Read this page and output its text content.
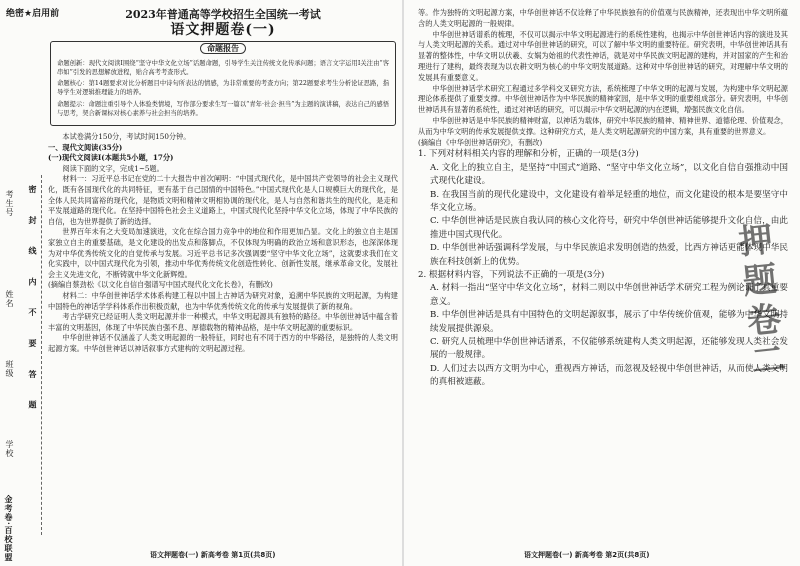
考生号
姓名
班级
学校
金考卷·百校联盟
密 封 线 内 不 要 答 题
绝密★启用前	2023年普通高等学校招生全国统一考试
语文押题卷(一)
命题报告

命题创新：现代文阅读Ⅰ围绕“坚守中华文化立场”话题命题，引导学生关注传统文化传承问题；语言文字运用Ⅰ关注由“客串如”引发的思想解放进程，贴合高考考查形式。

命题核心：第14题要求对比分析题目中诗句所表达的情感，为非常重要的考查方向；第22题要求考生分析论证思路，指导学生对逻辑推理能力的培养。

命题提示：命题注重引导个人体验类情境，写作部分要求生写一篇以“青年·社会·担当”为主题的演讲稿，表达自己的感悟与思考，契合新课标对核心素养与社会担当的培养。

本试卷满分150分，考试时间150分钟。

一、现代文阅读(35分)

(一)现代文阅读Ⅰ(本题共5小题，17分)

阅读下面的文字，完成1~5题。

材料一：习近平总书记在党的二十大报告中首次阐明：“中国式现代化，是中国共产党领导的社会主义现代化，既有各国现代化的共同特征，更有基于自己国情的中国特色。”中国式现代化是人口规模巨大的现代化，是全体人民共同富裕的现代化，是物质文明和精神文明相协调的现代化，是人与自然和谐共生的现代化，是走和平发展道路的现代化。在坚持中国特色社会主义道路上，中国式现代化坚持中华文化立场，体现了中华民族的自信，也为世界提供了新的选择。

世界百年未有之大变局加速演进，文化在综合国力竞争中的地位和作用更加凸显。文化上的独立自主是国家独立自主的重要基础，是文化建设的出发点和落脚点，不仅体现为明确的政治立场和意识形态，也深深体现为对中华优秀传统文化的自觉传承与发展。习近平总书记多次强调要“坚守中华文化立场”，这就要求我们在文化实践中，以中国式现代化为引领，推动中华优秀传统文化创造性转化、创新性发展，继承革命文化，发展社会主义先进文化，不断铸就中华文化新辉煌。

(摘编自蔡劲松《以文化自信自强谱写中国式现代化文化长卷》，有删改)

材料二：中华创世神话学术体系构建工程以中国上古神话为研究对象，追溯中华民族的文明起源，为构建中国特色的神话学学科体系作出积极贡献，也为中华优秀传统文化的传承与发展提供了新的视角。

考古学研究已经证明人类文明起源并非一种模式，中华文明起源具有独特的路径。中华创世神话中蕴含着丰富的文明基因，体现了中华民族自强不息、厚德载物的精神品格，是中华文明起源的重要标识。

中华创世神话不仅涵盖了人类文明起源的一般特征，同时也有不同于西方的中华路径，是独特的人类文明起源方案。中华创世神话以神话叙事方式建构的文明起源过程。

语文押题卷(一) 新高考卷 第1页(共8页)

等。作为独特的文明起源方案，中华创世神话不仅诠释了中华民族独有的价值观与民族精神，还表现出中华文明所蕴含的人类文明起源的一般规律。

中华创世神话谱系的梳理，不仅可以揭示中华文明起源进行的系统性建构，也揭示中华创世神话内容的演进及其与人类文明起源的关系。通过对中华创世神话的研究，可以了解中华文明的重要特征。研究表明，中华创世神话具有显著的整体性，中华文明以伏羲、女娲为始祖的代表性神话，就是对中华民族文明起源的建构，并对国家的产生和治理进行了建构，最终表现为以农耕文明为核心的中华文明发展道路。这种对中华创世神话的研究，对理解中华文明的发展具有重要意义。

中华创世神话学术研究工程通过多学科交叉研究方法，系统梳理了中华文明的起源与发展，为构建中华文明起源理论体系提供了重要支撑。中华创世神话作为中华民族的精神家园，是中华文明的重要组成部分。研究表明，中华创世神话具有显著的系统性，通过对神话的研究，可以揭示中华文明起源的内在逻辑，增强民族文化自信。

中华创世神话是中华民族的精神财富，以神话为载体，研究中华民族的精神、精神世界、道德伦理、价值观念，从而为中华文明的传承发展提供支撑。这种研究方式，是人类文明起源研究的中国方案，具有重要的世界意义。

(摘编自《中华创世神话研究》，有删改)

1. 下列对材料相关内容的理解和分析，正确的一项是(3分)

A. 文化上的独立自主，是坚持“中国式”道路、“坚守中华文化立场”，以文化自信自强推动中国式现代化建设。

B. 在我国当前的现代化建设中，文化建设有着举足轻重的地位，而文化建设的根本是要坚守中华文化立场。

C. 中华创世神话是民族自我认同的核心文化符号，研究中华创世神话能够提升文化自信，由此推进中国式现代化。

D. 中华创世神话强调科学发展，与中华民族追求发明创造的热爱，比西方神话更能体现中华民族在科技创新上的优势。

2. 根据材料内容，下列说法不正确的一项是(3分)

A. 材料一指出“坚守中华文化立场”，材料二则以中华创世神话学术研究工程为例论证了其重要意义。

B. 中华创世神话是具有中国特色的文明起源叙事，展示了中华传统价值观，能够为中华文明持续发展提供源泉。

C. 研究人员梳理中华创世神话谱系，不仅能够系统建构人类文明起源，还能够发现人类社会发展的一般规律。

D. 人们过去以西方文明为中心，重视西方神话，而忽视及轻视中华创世神话，从而使人类文明的真相被遮蔽。

语文押题卷(一) 新高考卷 第2页(共8页)
押题卷二
